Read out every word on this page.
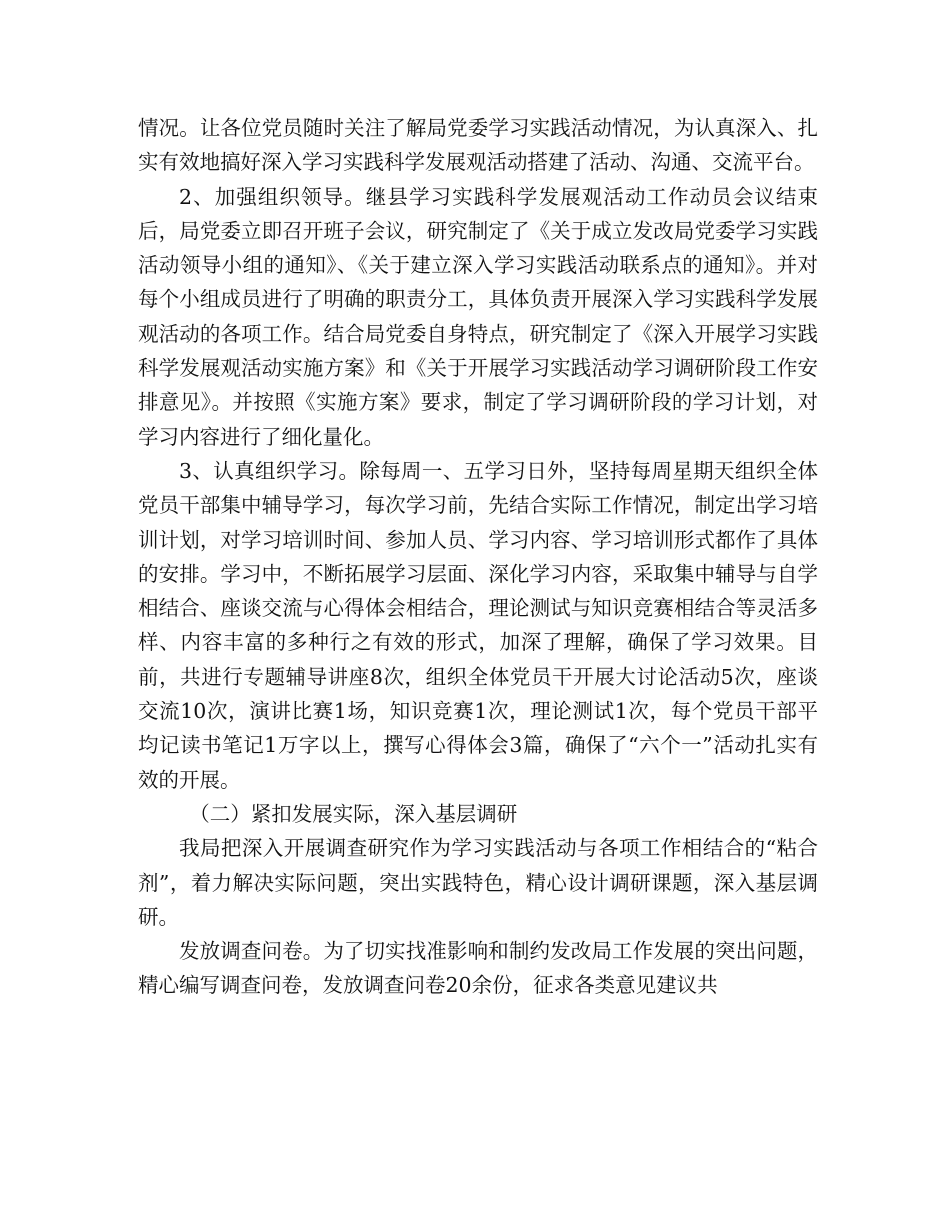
情况。让各位党员随时关注了解局党委学习实践活动情况，为认真深入、扎实有效地搞好深入学习实践科学发展观活动搭建了活动、沟通、交流平台。

2、加强组织领导。继县学习实践科学发展观活动工作动员会议结束后，局党委立即召开班子会议，研究制定了《关于成立发改局党委学习实践活动领导小组的通知》、《关于建立深入学习实践活动联系点的通知》。并对每个小组成员进行了明确的职责分工，具体负责开展深入学习实践科学发展观活动的各项工作。结合局党委自身特点，研究制定了《深入开展学习实践科学发展观活动实施方案》和《关于开展学习实践活动学习调研阶段工作安排意见》。并按照《实施方案》要求，制定了学习调研阶段的学习计划，对学习内容进行了细化量化。

3、认真组织学习。除每周一、五学习日外，坚持每周星期天组织全体党员干部集中辅导学习，每次学习前，先结合实际工作情况，制定出学习培训计划，对学习培训时间、参加人员、学习内容、学习培训形式都作了具体的安排。学习中，不断拓展学习层面、深化学习内容，采取集中辅导与自学相结合、座谈交流与心得体会相结合，理论测试与知识竞赛相结合等灵活多样、内容丰富的多种行之有效的形式，加深了理解，确保了学习效果。目前，共进行专题辅导讲座8次，组织全体党员干开展大讨论活动5次，座谈交流10次，演讲比赛1场，知识竞赛1次，理论测试1次，每个党员干部平均记读书笔记1万字以上，撰写心得体会3篇，确保了“六个一”活动扎实有效的开展。

（二）紧扣发展实际，深入基层调研

我局把深入开展调查研究作为学习实践活动与各项工作相结合的“粘合剂”，着力解决实际问题，突出实践特色，精心设计调研课题，深入基层调研。

发放调查问卷。为了切实找准影响和制约发改局工作发展的突出问题，精心编写调查问卷，发放调查问卷20余份，征求各类意见建议共
